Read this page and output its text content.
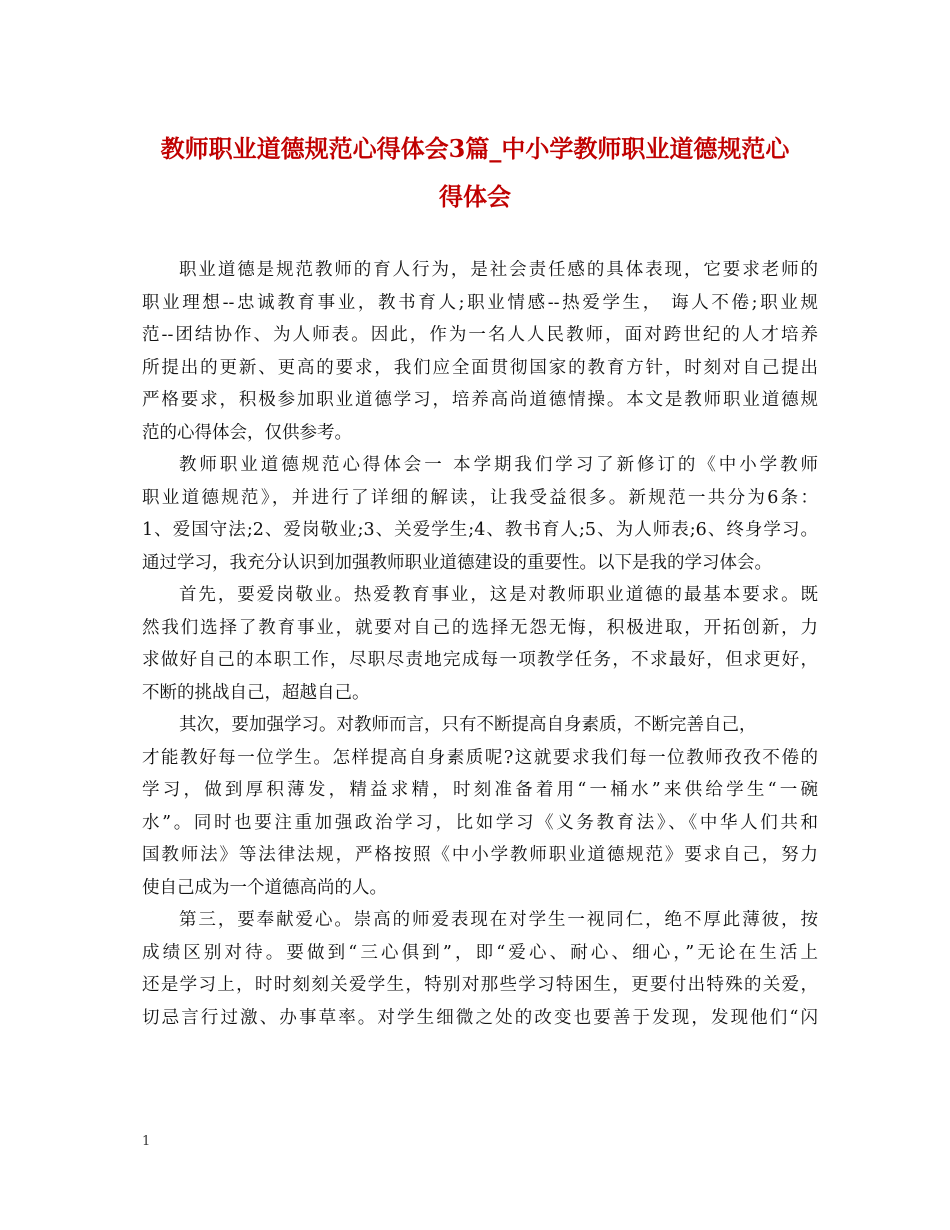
教师职业道德规范心得体会3篇_中小学教师职业道德规范心
得体会
职业道德是规范教师的育人行为，是社会责任感的具体表现，它要求老师的
职业理想--忠诚教育事业，教书育人;职业情感--热爱学生， 诲人不倦;职业规
范--团结协作、为人师表。因此，作为一名人人民教师，面对跨世纪的人才培养
所提出的更新、更高的要求，我们应全面贯彻国家的教育方针，时刻对自己提出
严格要求，积极参加职业道德学习，培养高尚道德情操。本文是教师职业道德规
范的心得体会，仅供参考。
教师职业道德规范心得体会一 本学期我们学习了新修订的《中小学教师
职业道德规范》，并进行了详细的解读，让我受益很多。新规范一共分为6条：
1、爱国守法;2、爱岗敬业;3、关爱学生;4、教书育人;5、为人师表;6、终身学习。
通过学习，我充分认识到加强教师职业道德建设的重要性。以下是我的学习体会。
首先，要爱岗敬业。热爱教育事业，这是对教师职业道德的最基本要求。既
然我们选择了教育事业，就要对自己的选择无怨无悔，积极进取，开拓创新，力
求做好自己的本职工作，尽职尽责地完成每一项教学任务，不求最好，但求更好，
不断的挑战自己，超越自己。
其次，要加强学习。对教师而言，只有不断提高自身素质，不断完善自己，
才能教好每一位学生。怎样提高自身素质呢?这就要求我们每一位教师孜孜不倦的
学习，做到厚积薄发，精益求精，时刻准备着用“一桶水”来供给学生“一碗
水”。同时也要注重加强政治学习，比如学习《义务教育法》、《中华人们共和
国教师法》等法律法规，严格按照《中小学教师职业道德规范》要求自己，努力
使自己成为一个道德高尚的人。
第三，要奉献爱心。崇高的师爱表现在对学生一视同仁，绝不厚此薄彼，按
成绩区别对待。要做到“三心俱到”，即“爱心、耐心、细心，”无论在生活上
还是学习上，时时刻刻关爱学生，特别对那些学习特困生，更要付出特殊的关爱，
切忌言行过激、办事草率。对学生细微之处的改变也要善于发现，发现他们“闪
1
